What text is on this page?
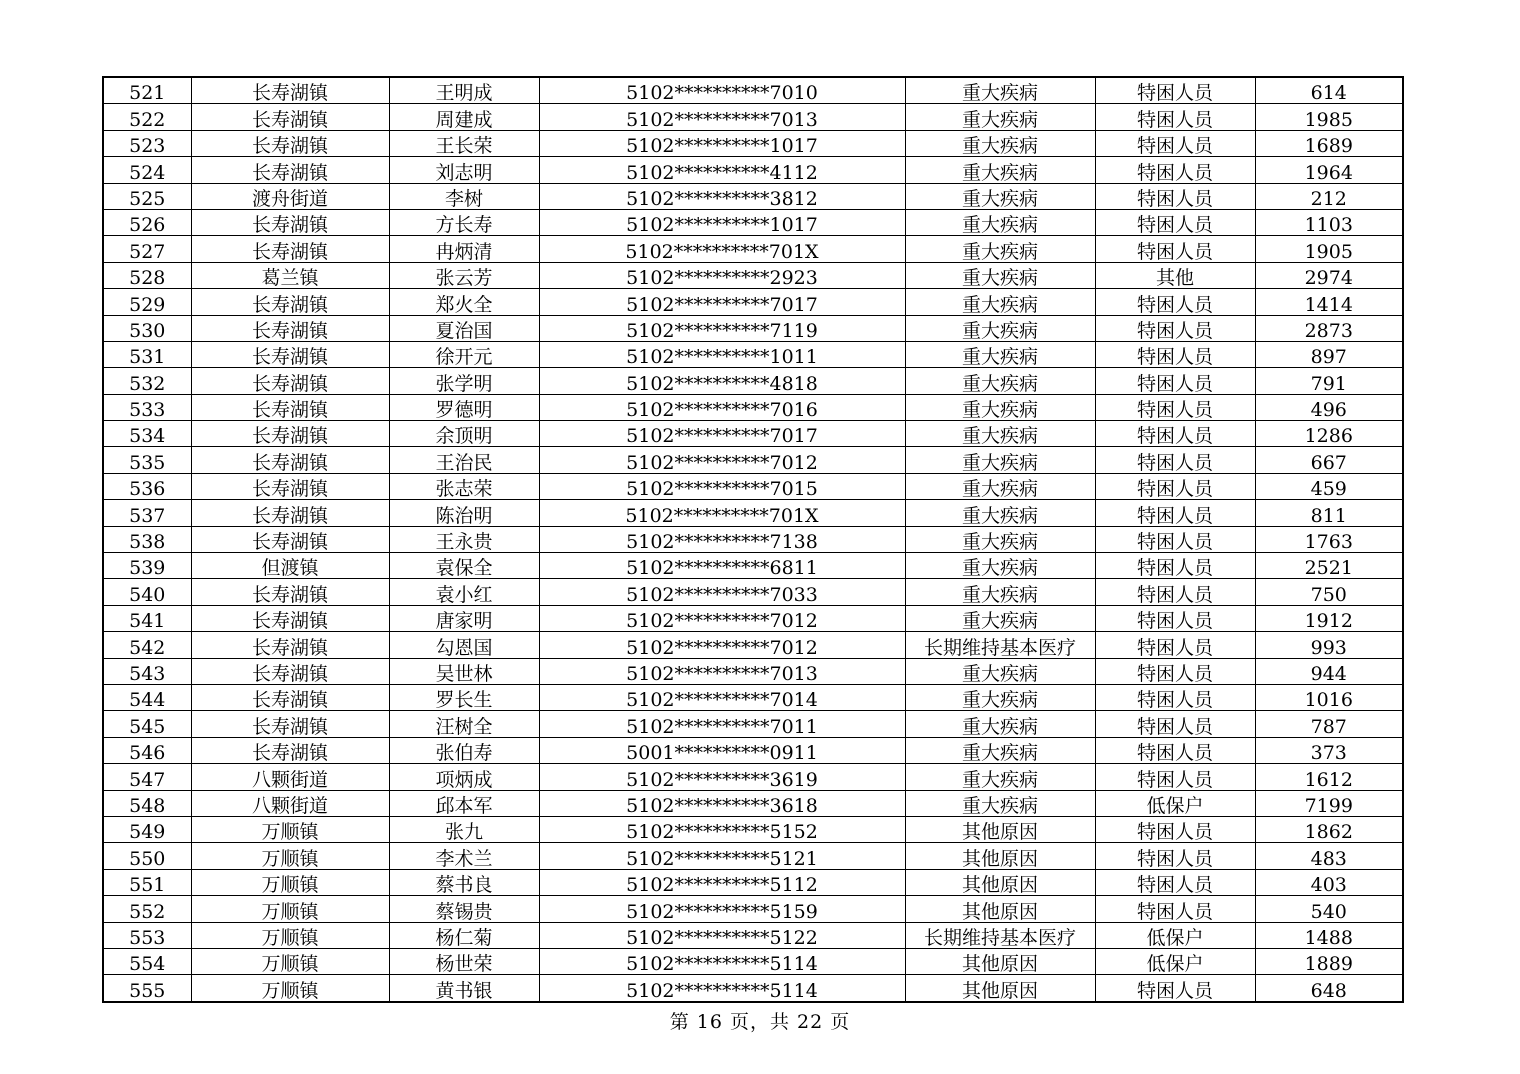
521	长寿湖镇	王明成	5102**********7010	重大疾病	特困人员	614
522	长寿湖镇	周建成	5102**********7013	重大疾病	特困人员	1985
523	长寿湖镇	王长荣	5102**********1017	重大疾病	特困人员	1689
524	长寿湖镇	刘志明	5102**********4112	重大疾病	特困人员	1964
525	渡舟街道	李树	5102**********3812	重大疾病	特困人员	212
526	长寿湖镇	方长寿	5102**********1017	重大疾病	特困人员	1103
527	长寿湖镇	冉炳清	5102**********701X	重大疾病	特困人员	1905
528	葛兰镇	张云芳	5102**********2923	重大疾病	其他	2974
529	长寿湖镇	郑火全	5102**********7017	重大疾病	特困人员	1414
530	长寿湖镇	夏治国	5102**********7119	重大疾病	特困人员	2873
531	长寿湖镇	徐开元	5102**********1011	重大疾病	特困人员	897
532	长寿湖镇	张学明	5102**********4818	重大疾病	特困人员	791
533	长寿湖镇	罗德明	5102**********7016	重大疾病	特困人员	496
534	长寿湖镇	余顶明	5102**********7017	重大疾病	特困人员	1286
535	长寿湖镇	王治民	5102**********7012	重大疾病	特困人员	667
536	长寿湖镇	张志荣	5102**********7015	重大疾病	特困人员	459
537	长寿湖镇	陈治明	5102**********701X	重大疾病	特困人员	811
538	长寿湖镇	王永贵	5102**********7138	重大疾病	特困人员	1763
539	但渡镇	袁保全	5102**********6811	重大疾病	特困人员	2521
540	长寿湖镇	袁小红	5102**********7033	重大疾病	特困人员	750
541	长寿湖镇	唐家明	5102**********7012	重大疾病	特困人员	1912
542	长寿湖镇	勾恩国	5102**********7012	长期维持基本医疗	特困人员	993
543	长寿湖镇	吴世林	5102**********7013	重大疾病	特困人员	944
544	长寿湖镇	罗长生	5102**********7014	重大疾病	特困人员	1016
545	长寿湖镇	汪树全	5102**********7011	重大疾病	特困人员	787
546	长寿湖镇	张伯寿	5001**********0911	重大疾病	特困人员	373
547	八颗街道	项炳成	5102**********3619	重大疾病	特困人员	1612
548	八颗街道	邱本军	5102**********3618	重大疾病	低保户	7199
549	万顺镇	张九	5102**********5152	其他原因	特困人员	1862
550	万顺镇	李术兰	5102**********5121	其他原因	特困人员	483
551	万顺镇	蔡书良	5102**********5112	其他原因	特困人员	403
552	万顺镇	蔡锡贵	5102**********5159	其他原因	特困人员	540
553	万顺镇	杨仁菊	5102**********5122	长期维持基本医疗	低保户	1488
554	万顺镇	杨世荣	5102**********5114	其他原因	低保户	1889
555	万顺镇	黄书银	5102**********5114	其他原因	特困人员	648
第 16 页，共 22 页
